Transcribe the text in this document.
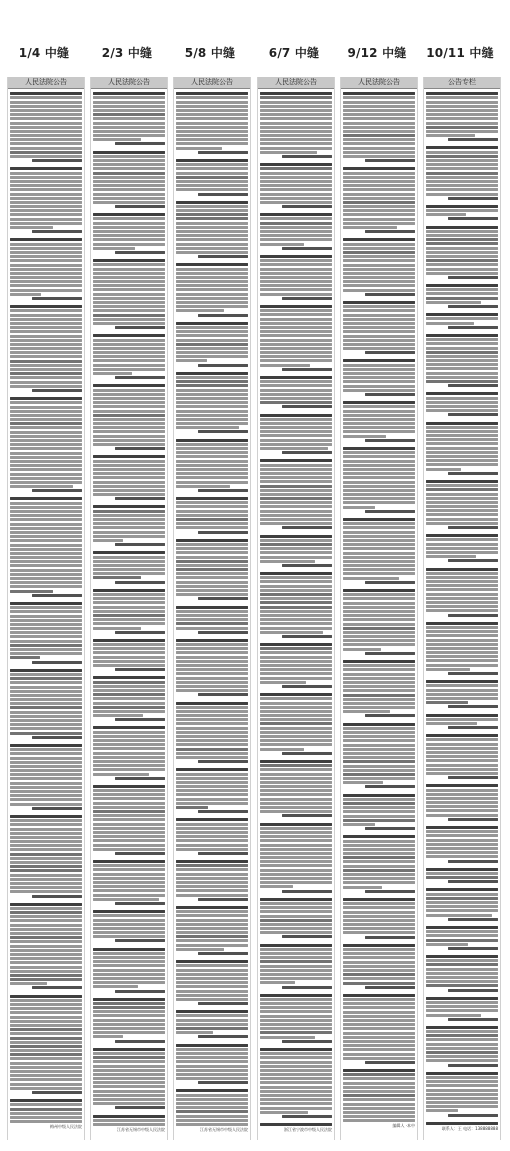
1/4 中缝	2/3 中缝	5/8 中缝	6/7 中缝	9/12 中缝	10/11 中缝
人民法院公告
梅州中级人民法院
人民法院公告
江苏省无锡市中级人民法院
人民法院公告
江苏省无锡市中级人民法院
人民法院公告
浙江省宁波市中级人民法院
人民法院公告
编辑人 ·本中
公告专栏
联系人：王 电话：138888888
